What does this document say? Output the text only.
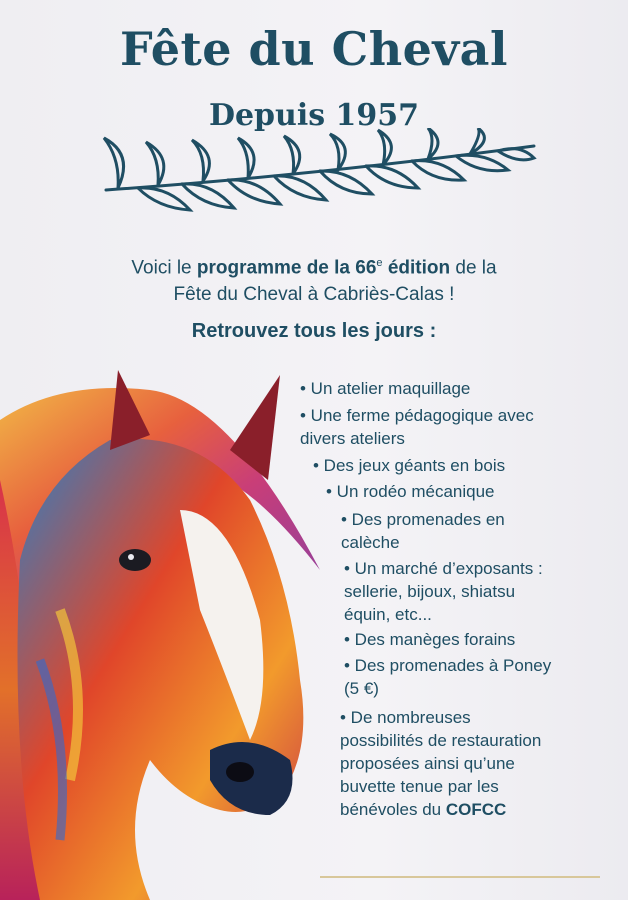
Fête du Cheval
Depuis 1957
Voici le programme de la 66e édition de la
Fête du Cheval à Cabriès-Calas !
Retrouvez tous les jours :
• Un atelier maquillage
• Une ferme pédagogique avec
divers ateliers
• Des jeux géants en bois
• Un rodéo mécanique
• Des promenades en
calèche
• Un marché d’exposants :
sellerie, bijoux, shiatsu
équin, etc...
• Des manèges forains
• Des promenades à Poney
(5 €)
• De nombreuses
possibilités de restauration
proposées ainsi qu’une
buvette tenue par les
bénévoles du COFCC
